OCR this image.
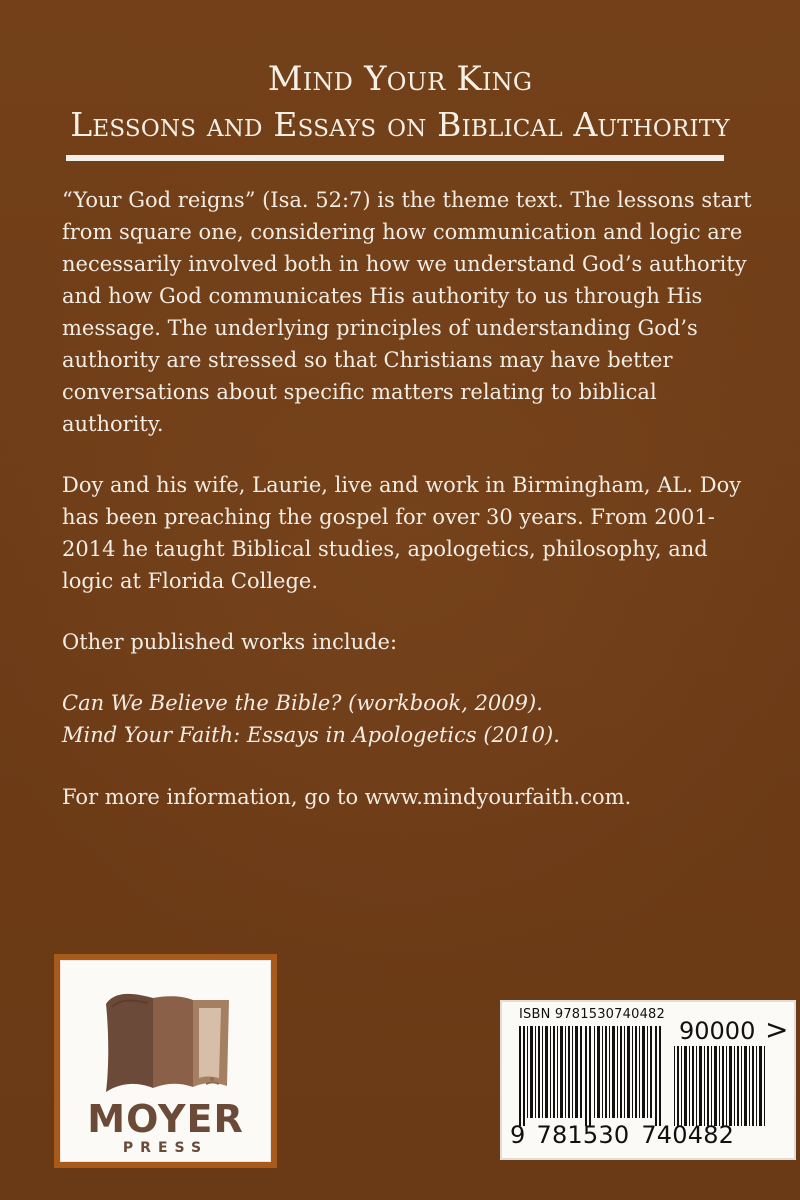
Mind Your King
Lessons and Essays on Biblical Authority

“Your God reigns” (Isa. 52:7) is the theme text. The lessons start from square one, considering how communication and logic are necessarily involved both in how we understand God’s authority and how God communicates His authority to us through His message. The underlying principles of understanding God’s authority are stressed so that Christians may have better conversations about specific matters relating to biblical authority.

Doy and his wife, Laurie, live and work in Birmingham, AL. Doy has been preaching the gospel for over 30 years. From 2001-2014 he taught Biblical studies, apologetics, philosophy, and logic at Florida College.

Other published works include:

Can We Believe the Bible? (workbook, 2009).
Mind Your Faith: Essays in Apologetics (2010).

For more information, go to www.mindyourfaith.com.

MOYER
PRESS
ISBN 9781530740482
90000 >
9 781530 740482
